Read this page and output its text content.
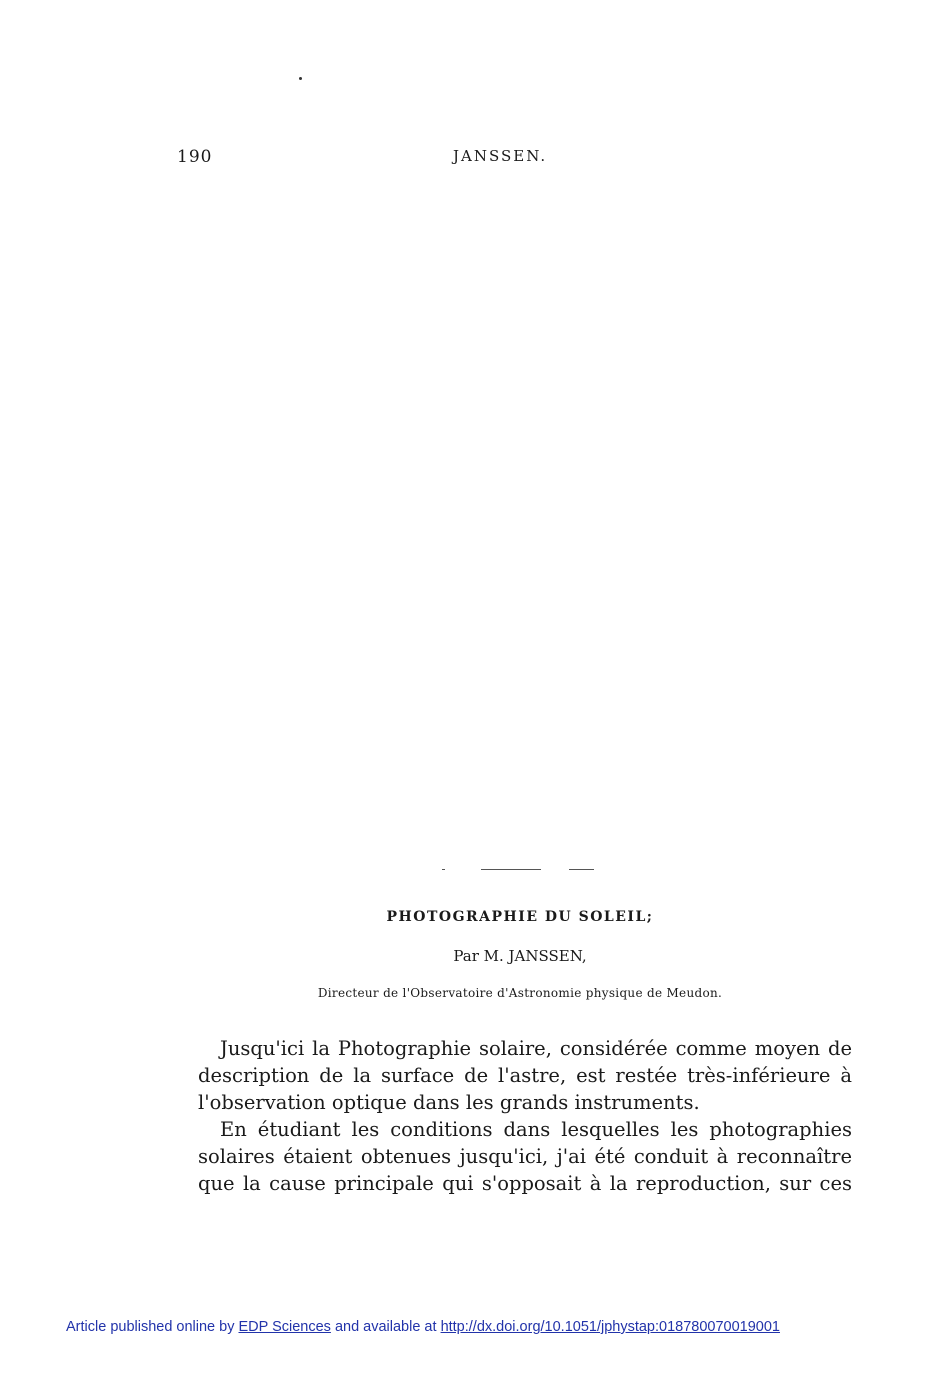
190	JANSSEN.
PHOTOGRAPHIE DU SOLEIL;
Par M. JANSSEN,
Directeur de l'Observatoire d'Astronomie physique de Meudon.
Jusqu'ici la Photographie solaire, considérée comme moyen de
description de la surface de l'astre, est restée très-inférieure à
l'observation optique dans les grands instruments.
En étudiant les conditions dans lesquelles les photographies
solaires étaient obtenues jusqu'ici, j'ai été conduit à reconnaître
que la cause principale qui s'opposait à la reproduction, sur ces
Article published online by EDP Sciences and available at http://dx.doi.org/10.1051/jphystap:018780070019001
